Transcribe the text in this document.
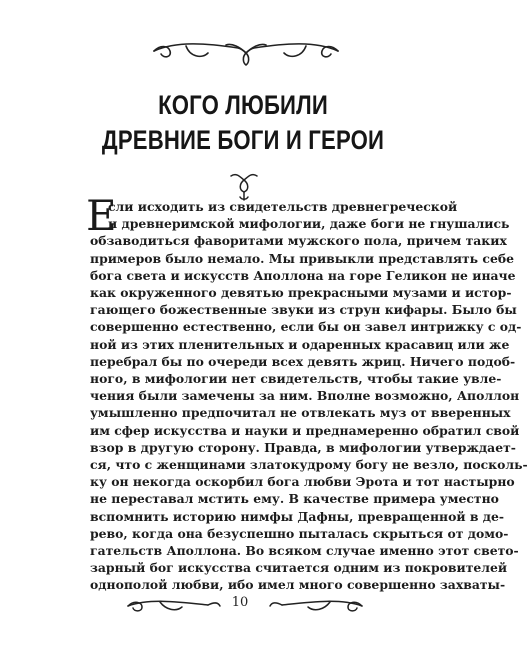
КОГО ЛЮБИЛИ
ДРЕВНИЕ БОГИ И ГЕРОИ
Е
сли исходить из свидетельств древнегреческой
и древнеримской мифологии, даже боги не гнушались
обзаводиться фаворитами мужского пола, причем таких
примеров было немало. Мы привыкли представлять себе
бога света и искусств Аполлона на горе Геликон не иначе
как окруженного девятью прекрасными музами и истор-
гающего божественные звуки из струн кифары. Было бы
совершенно естественно, если бы он завел интрижку с од-
ной из этих пленительных и одаренных красавиц или же
перебрал бы по очереди всех девять жриц. Ничего подоб-
ного, в мифологии нет свидетельств, чтобы такие увле-
чения были замечены за ним. Вполне возможно, Аполлон
умышленно предпочитал не отвлекать муз от вверенных
им сфер искусства и науки и преднамеренно обратил свой
взор в другую сторону. Правда, в мифологии утверждает-
ся, что с женщинами златокудрому богу не везло, посколь-
ку он некогда оскорбил бога любви Эрота и тот настырно
не переставал мстить ему. В качестве примера уместно
вспомнить историю нимфы Дафны, превращенной в де-
рево, когда она безуспешно пыталась скрыться от домо-
гательств Аполлона. Во всяком случае именно этот свето-
зарный бог искусства считается одним из покровителей
однополой любви, ибо имел много совершенно захваты-
10
